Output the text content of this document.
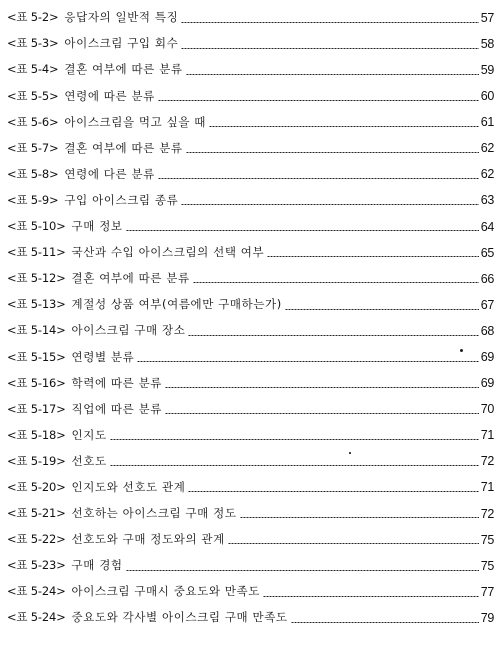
<표 5-2> 응답자의 일반적 특징	57
<표 5-3> 아이스크림 구입 회수	58
<표 5-4> 결혼 여부에 따른 분류	59
<표 5-5> 연령에 따른 분류	60
<표 5-6> 아이스크림을 먹고 싶을 때	61
<표 5-7> 결혼 여부에 따른 분류	62
<표 5-8> 연령에 다른 분류	62
<표 5-9> 구입 아이스크림 종류	63
<표 5-10> 구매 정보	64
<표 5-11> 국산과 수입 아이스크림의 선택 여부	65
<표 5-12> 결혼 여부에 따른 분류	66
<표 5-13> 계절성 상품 여부(여름에만 구매하는가)	67
<표 5-14> 아이스크림 구매 장소	68
<표 5-15> 연령별 분류	69
<표 5-16> 학력에 따른 분류	69
<표 5-17> 직업에 따른 분류	70
<표 5-18> 인지도	71
<표 5-19> 선호도	72
<표 5-20> 인지도와 선호도 관계	71
<표 5-21> 선호하는 아이스크림 구매 정도	72
<표 5-22> 선호도와 구매 정도와의 관계	75
<표 5-23> 구매 경험	75
<표 5-24> 아이스크림 구매시 중요도와 만족도	77
<표 5-24> 중요도와 각사별 아이스크림 구매 만족도	79
